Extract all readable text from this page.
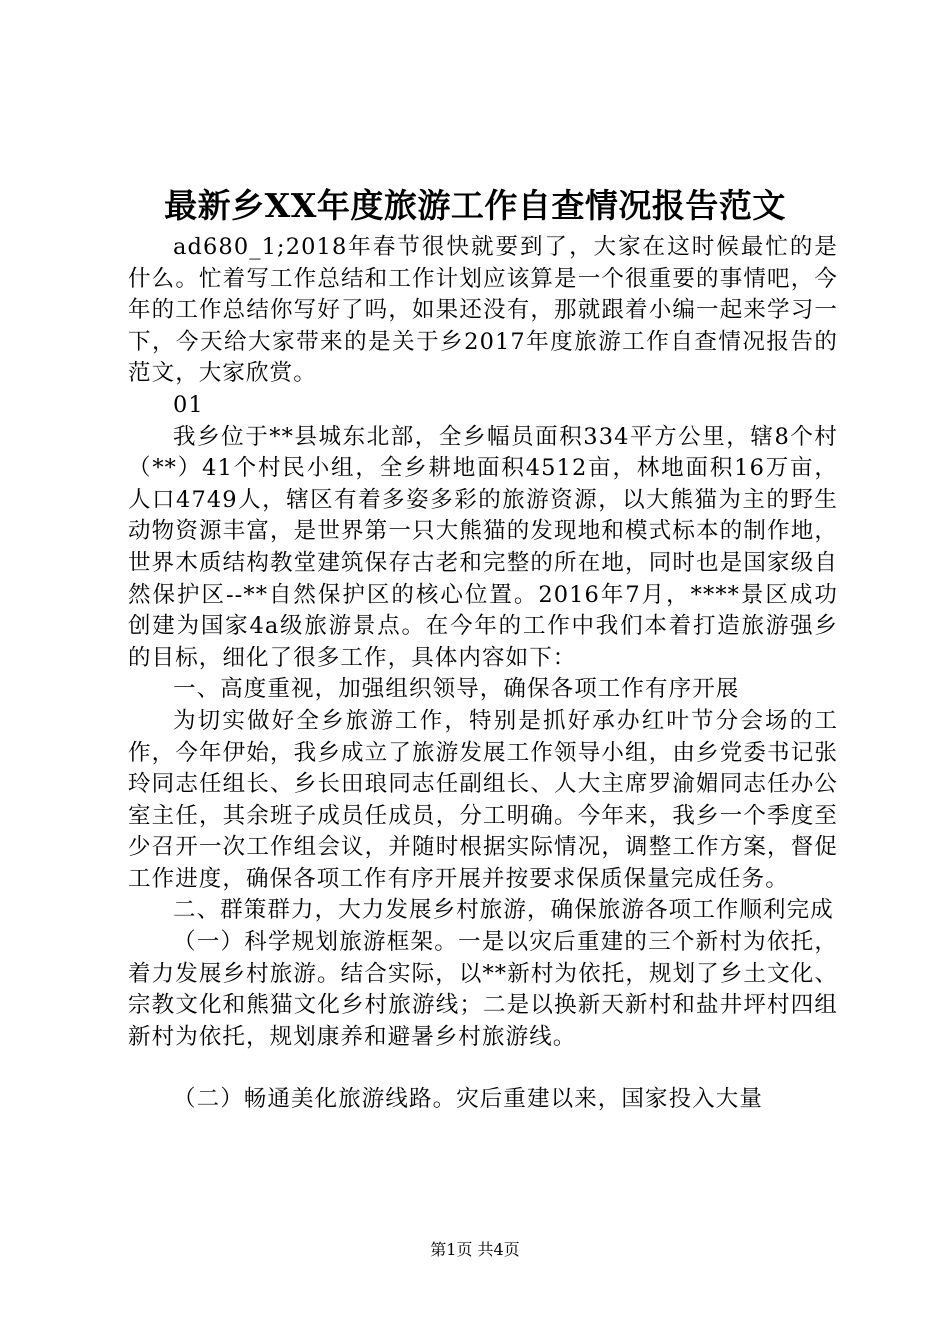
最新乡XX年度旅游工作自查情况报告范文

ad680_1;2018年春节很快就要到了，大家在这时候最忙的是什么。忙着写工作总结和工作计划应该算是一个很重要的事情吧，今年的工作总结你写好了吗，如果还没有，那就跟着小编一起来学习一下，今天给大家带来的是关于乡2017年度旅游工作自查情况报告的范文，大家欣赏。

01

我乡位于**县城东北部，全乡幅员面积334平方公里，辖8个村（**）41个村民小组，全乡耕地面积4512亩，林地面积16万亩，人口4749人，辖区有着多姿多彩的旅游资源，以大熊猫为主的野生动物资源丰富，是世界第一只大熊猫的发现地和模式标本的制作地，世界木质结构教堂建筑保存古老和完整的所在地，同时也是国家级自然保护区--**自然保护区的核心位置。2016年7月，****景区成功创建为国家4a级旅游景点。在今年的工作中我们本着打造旅游强乡的目标，细化了很多工作，具体内容如下：

一、高度重视，加强组织领导，确保各项工作有序开展

为切实做好全乡旅游工作，特别是抓好承办红叶节分会场的工作，今年伊始，我乡成立了旅游发展工作领导小组，由乡党委书记张玲同志任组长、乡长田琅同志任副组长、人大主席罗渝媚同志任办公室主任，其余班子成员任成员，分工明确。今年来，我乡一个季度至少召开一次工作组会议，并随时根据实际情况，调整工作方案，督促工作进度，确保各项工作有序开展并按要求保质保量完成任务。

二、群策群力，大力发展乡村旅游，确保旅游各项工作顺利完成

（一）科学规划旅游框架。一是以灾后重建的三个新村为依托，着力发展乡村旅游。结合实际，以**新村为依托，规划了乡土文化、宗教文化和熊猫文化乡村旅游线；二是以换新天新村和盐井坪村四组新村为依托，规划康养和避暑乡村旅游线。

（二）畅通美化旅游线路。灾后重建以来，国家投入大量

第1页 共4页
